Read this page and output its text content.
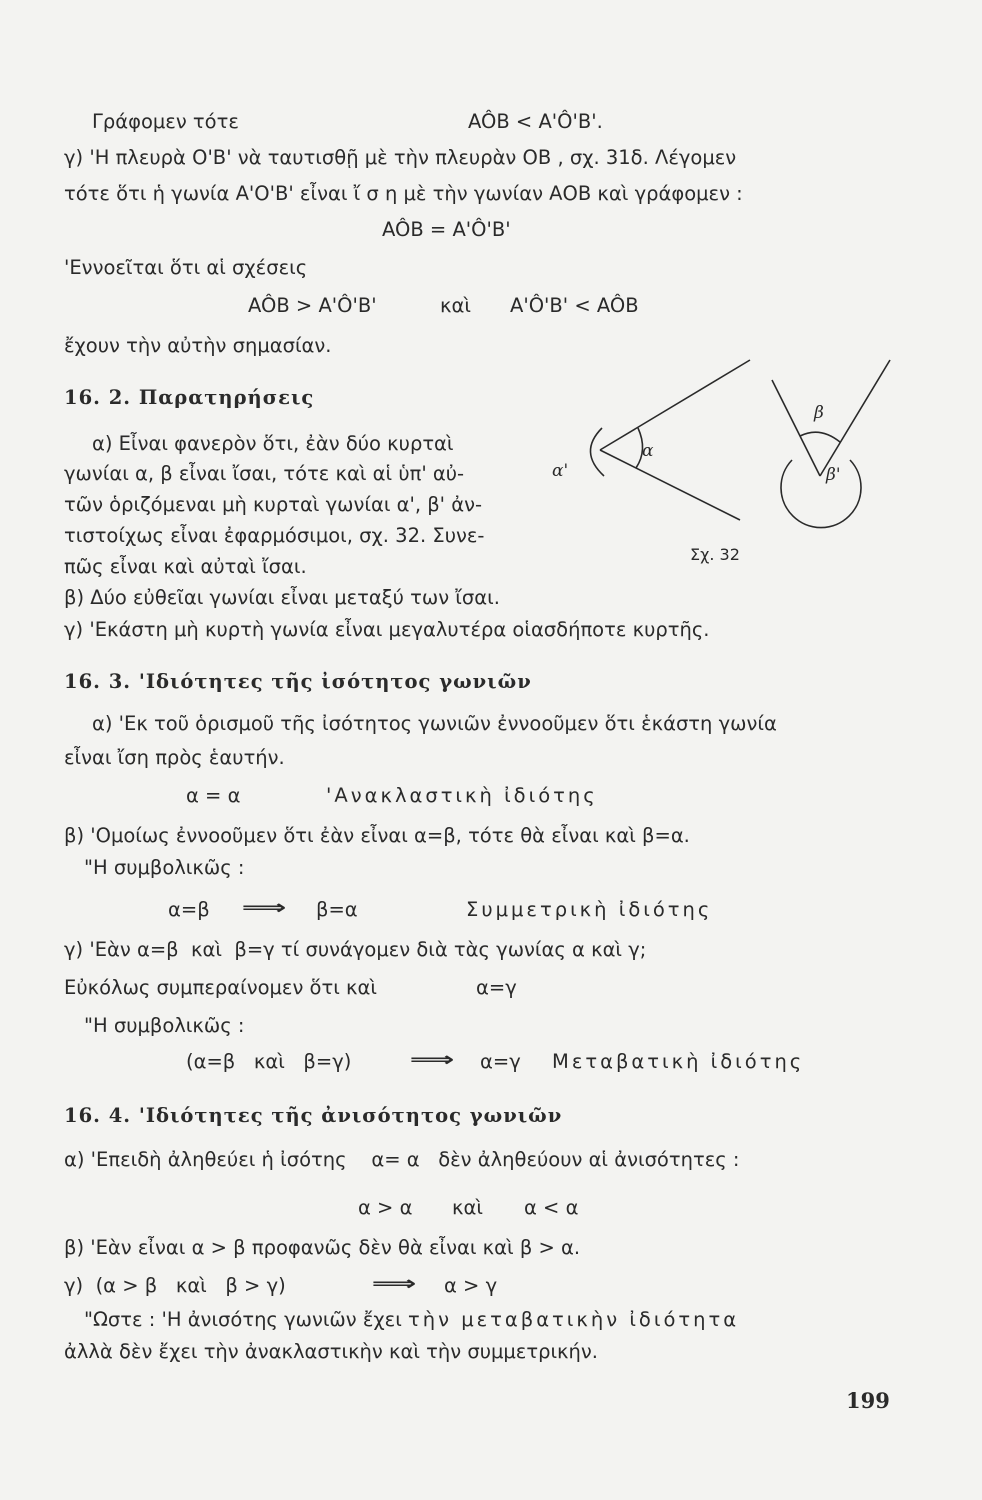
Γράφομεν τότε	AÔB < A'Ô'B'.
γ) 'Η πλευρὰ Ο'Β' νὰ ταυτισθῇ μὲ τὴν πλευρὰν ΟΒ , σχ. 31δ. Λέγομεν
τότε ὅτι ἡ γωνία Α'Ο'Β' εἶναι ἴ σ η μὲ τὴν γωνίαν ΑΟΒ καὶ γράφομεν :
AÔB = A'Ô'B'
'Εννοεῖται ὅτι αἱ σχέσεις
AÔB > A'Ô'B'	καὶ A'Ô'B' < AÔB
ἔχουν τὴν αὐτὴν σημασίαν.
16. 2. Παρατηρήσεις
α) Εἶναι φανερὸν ὅτι, ἐὰν δύο κυρταὶ
γωνίαι α, β εἶναι ἴσαι, τότε καὶ αἱ ὑπ' αὐ-
τῶν ὁριζόμεναι μὴ κυρταὶ γωνίαι α', β' ἀν-
τιστοίχως εἶναι ἐφαρμόσιμοι, σχ. 32. Συνε-
πῶς εἶναι καὶ αὐταὶ ἴσαι.
β) Δύο εὐθεῖαι γωνίαι εἶναι μεταξύ των ἴσαι.
γ) 'Εκάστη μὴ κυρτὴ γωνία εἶναι μεγαλυτέρα οἱασδήποτε κυρτῆς.
α
α'
β
β'
Σχ. 32
16. 3. 'Ιδιότητες τῆς ἰσότητος γωνιῶν
α) 'Εκ τοῦ ὁρισμοῦ τῆς ἰσότητος γωνιῶν ἐννοοῦμεν ὅτι ἑκάστη γωνία
εἶναι ἴση πρὸς ἑαυτήν.
α = α	'Ανακλαστικὴ ἰδιότης
β) 'Ομοίως ἐννοοῦμεν ὅτι ἐὰν εἶναι α=β, τότε θὰ εἶναι καὶ β=α.
"Η συμβολικῶς :
α=β ⟹ β=α	Συμμετρικὴ ἰδιότης
γ) 'Εὰν α=β καὶ β=γ τί συνάγομεν διὰ τὰς γωνίας α καὶ γ;
Εὐκόλως συμπεραίνομεν ὅτι καὶ	α=γ
"Η συμβολικῶς :
(α=β καὶ β=γ)	⟹ α=γ Μεταβατικὴ ἰδιότης
16. 4. 'Ιδιότητες τῆς ἀνισότητος γωνιῶν
α) 'Επειδὴ ἀληθεύει ἡ ἰσότης α= α δὲν ἀληθεύουν αἱ ἀνισότητες :
α > α καὶ α < α
β) 'Εὰν εἶναι α > β προφανῶς δὲν θὰ εἶναι καὶ β > α.
γ) (α > β καὶ β > γ)	⟹ α > γ
"Ωστε : 'Η ἀνισότης γωνιῶν ἔχει τὴν μεταβατικὴν ἰδιότητα
ἀλλὰ δὲν ἔχει τὴν ἀνακλαστικὴν καὶ τὴν συμμετρικήν.
199
